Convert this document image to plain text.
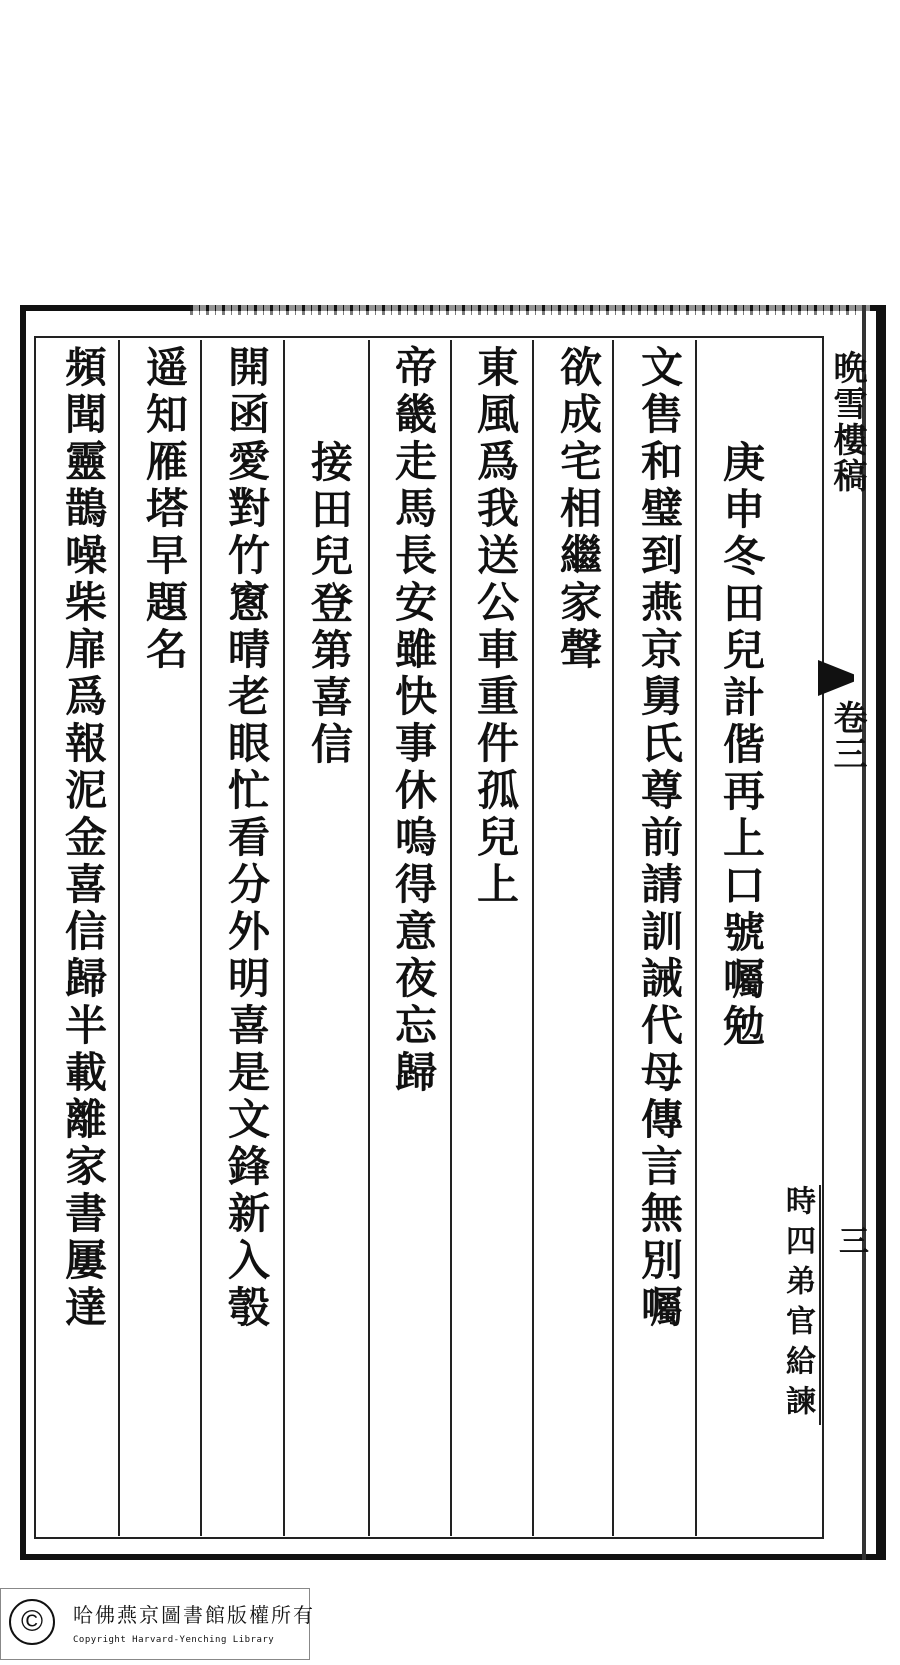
晩雪樓稿
卷三
三
庚申冬田兒計偕再上口號囑勉
文售和璧到燕京舅氏尊前請訓誡代母傳言無別囑
欲成宅相繼家聲
東風爲我送公車重件孤兒上
帝畿走馬長安雖快事休嗚得意夜忘歸
接田兒登第喜信
開函愛對竹窻晴老眼忙看分外明喜是文鋒新入彀
遥知雁塔早題名
頻聞靈鵲噪柴扉爲報泥金喜信歸半載離家書屢達	時四弟官給諫
©	哈佛燕京圖書館版權所有
Copyright Harvard-Yenching Library
